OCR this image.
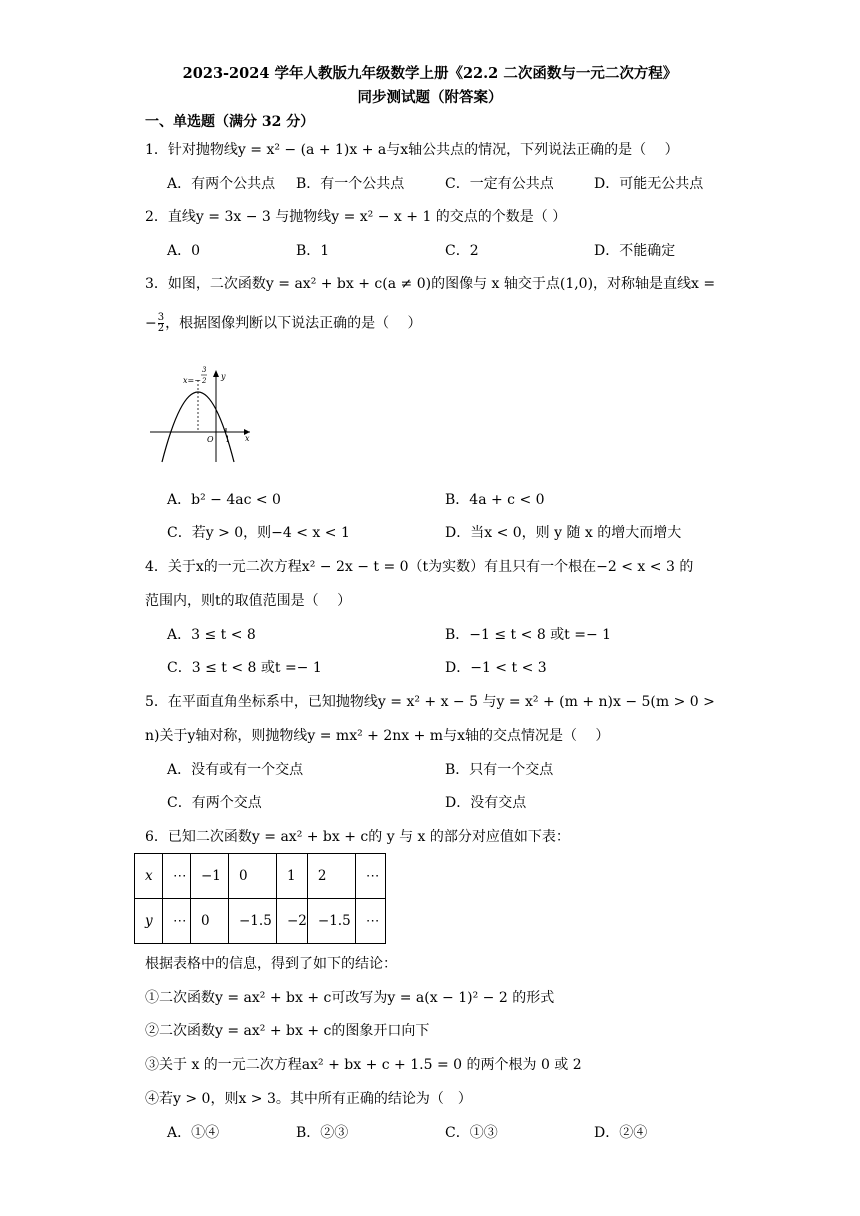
2023-2024 学年人教版九年级数学上册《22.2 二次函数与一元二次方程》
同步测试题（附答案）
一、单选题（满分 32 分）
1．针对抛物线y = x² − (a + 1)x + a与x轴公共点的情况，下列说法正确的是（　 ）
A．有两个公共点 B．有一个公共点	C．一定有公共点	D．可能无公共点
2．直线y = 3x − 3 与抛物线y = x² − x + 1 的交点的个数是（ ）
A．0	B．1	C．2	D．不能确定
3．如图，二次函数y = ax² + bx + c(a ≠ 0)的图像与 x 轴交于点(1,0)，对称轴是直线x =
− $\frac{3}{2}$ ，根据图像判断以下说法正确的是（　 ）
x=−
3
2 y
x
O 1
A．b² − 4ac < 0	B．4a + c < 0
C．若y > 0，则−4 < x < 1	D．当x < 0，则 y 随 x 的增大而增大
4．关于x的一元二次方程x² − 2x − t = 0（t为实数）有且只有一个根在−2 < x < 3 的
范围内，则t的取值范围是（　 ）
A．3 ≤ t < 8	B．−1 ≤ t < 8 或t =− 1
C．3 ≤ t < 8 或t =− 1	D．−1 < t < 3
5．在平面直角坐标系中，已知抛物线y = x² + x − 5 与y = x² + (m + n)x − 5(m > 0 >
n)关于y轴对称，则抛物线y = mx² + 2nx + m与x轴的交点情况是（　 ）
A．没有或有一个交点	B．只有一个交点
C．有两个交点	D．没有交点
6．已知二次函数y = ax² + bx + c的 y 与 x 的部分对应值如下表：
x	⋯	−1	0	1	2	⋯
y	⋯	0	−1.5	−2	−1.5	⋯
根据表格中的信息，得到了如下的结论：
①二次函数y = ax² + bx + c可改写为y = a(x − 1)² − 2 的形式
②二次函数y = ax² + bx + c的图象开口向下
③关于 x 的一元二次方程ax² + bx + c + 1.5 = 0 的两个根为 0 或 2
④若y > 0，则x > 3。其中所有正确的结论为（　）
A．①④	B．②③	C．①③	D．②④
